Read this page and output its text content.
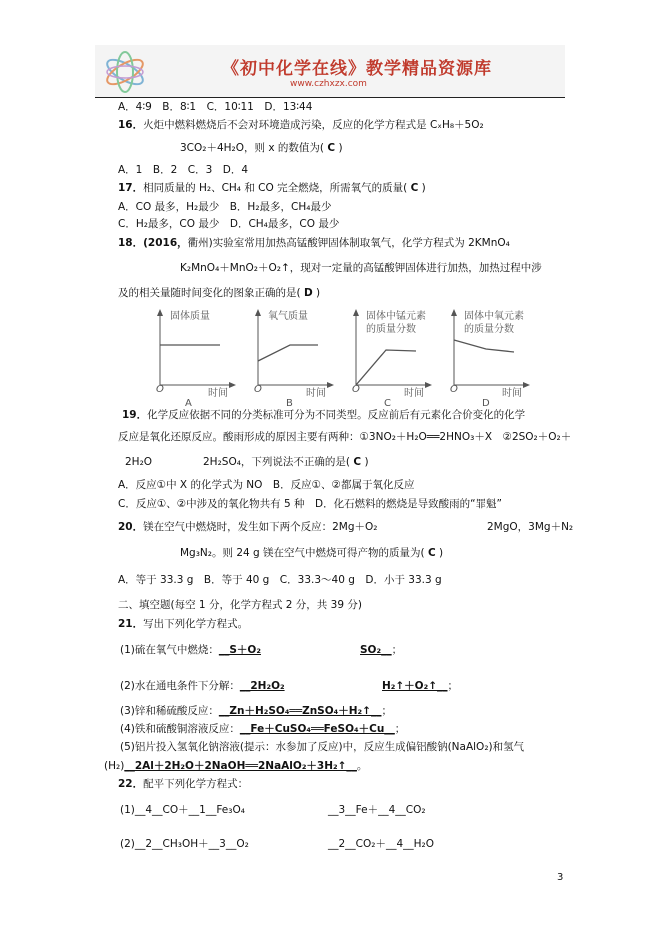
《初中化学在线》教学精品资源库
www.czhxzx.com
A．4∶9　B．8∶1　C．10∶11　D．13∶44
16．火炬中燃料燃烧后不会对环境造成污染，反应的化学方程式是 CₓH₈＋5O₂
3CO₂＋4H₂O，则 x 的数值为( C )
A．1　B．2　C．3　D．4
17．相同质量的 H₂、CH₄ 和 CO 完全燃烧，所需氧气的质量( C )
A．CO 最多，H₂最少　B．H₂最多，CH₄最少
C．H₂最多，CO 最少　D．CH₄最多，CO 最少
18．(2016，衢州)实验室常用加热高锰酸钾固体制取氧气，化学方程式为 2KMnO₄
K₂MnO₄＋MnO₂＋O₂↑，现对一定量的高锰酸钾固体进行加热，加热过程中涉
及的相关量随时间变化的图象正确的是( D )
固体质量	氧气质量	固体中锰元素
的质量分数
固体中氧元素
的质量分数
O	O	O	O
时间	时间	时间	时间
A	B	C	D
19．化学反应依据不同的分类标准可分为不同类型。反应前后有元素化合价变化的化学
反应是氧化还原反应。酸雨形成的原因主要有两种：①3NO₂＋H₂O══2HNO₃＋X　②2SO₂＋O₂＋
2H₂O	2H₂SO₄，下列说法不正确的是( C )
A．反应①中 X 的化学式为 NO　B．反应①、②都属于氧化反应
C．反应①、②中涉及的氧化物共有 5 种　D．化石燃料的燃烧是导致酸雨的“罪魁”
20．镁在空气中燃烧时，发生如下两个反应：2Mg＋O₂	2MgO，3Mg＋N₂
Mg₃N₂。则 24 g 镁在空气中燃烧可得产物的质量为( C )
A．等于 33.3 g　B．等于 40 g　C．33.3～40 g　D．小于 33.3 g
二、填空题(每空 1 分，化学方程式 2 分，共 39 分)
21．写出下列化学方程式。
(1)硫在氧气中燃烧：__S＋O₂	SO₂__；
(2)水在通电条件下分解：__2H₂O₂	H₂↑＋O₂↑__；
(3)锌和稀硫酸反应：__Zn＋H₂SO₄══ZnSO₄＋H₂↑__；
(4)铁和硫酸铜溶液反应：__Fe＋CuSO₄══FeSO₄＋Cu__；
(5)铝片投入氢氧化钠溶液(提示：水参加了反应)中，反应生成偏铝酸钠(NaAlO₂)和氢气
(H₂)__2Al＋2H₂O＋2NaOH══2NaAlO₂＋3H₂↑__。
22．配平下列化学方程式：
(1)__4__CO＋__1__Fe₃O₄	__3__Fe＋__4__CO₂
(2)__2__CH₃OH＋__3__O₂	__2__CO₂＋__4__H₂O
3
